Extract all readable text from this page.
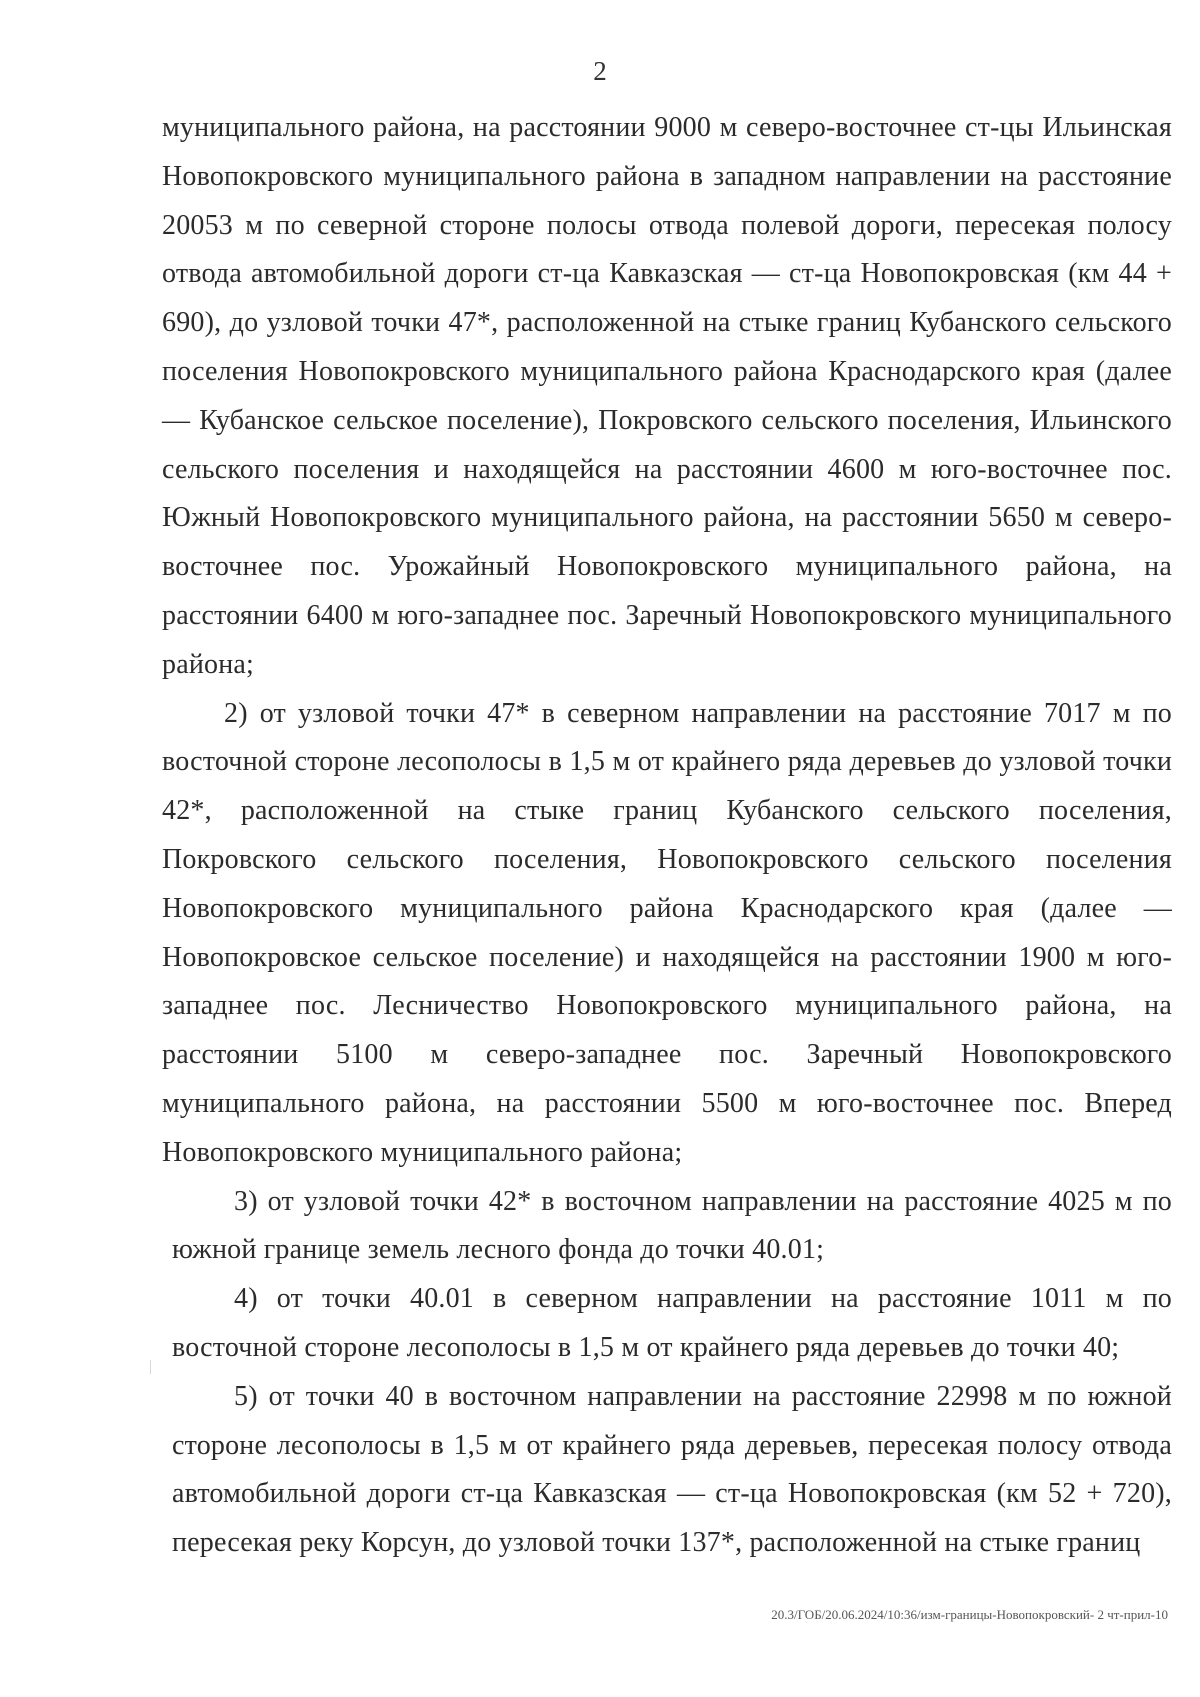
2

муниципального района, на расстоянии 9000 м северо-восточнее ст-цы Ильинская Новопокровского муниципального района в западном направлении на расстояние 20053 м по северной стороне полосы отвода полевой дороги, пересекая полосу отвода автомобильной дороги ст-ца Кавказская — ст-ца Новопокровская (км 44 + 690), до узловой точки 47*, расположенной на стыке границ Кубанского сельского поселения Новопокровского муниципального района Краснодарского края (далее — Кубанское сельское поселение), Покровского сельского поселения, Ильинского сельского поселения и находящейся на расстоянии 4600 м юго-восточнее пос. Южный Новопокровского муниципального района, на расстоянии 5650 м северо-восточнее пос. Урожайный Новопокровского муниципального района, на расстоянии 6400 м юго-западнее пос. Заречный Новопокровского муниципального района;

2) от узловой точки 47* в северном направлении на расстояние 7017 м по восточной стороне лесополосы в 1,5 м от крайнего ряда деревьев до узловой точки 42*, расположенной на стыке границ Кубанского сельского поселения, Покровского сельского поселения, Новопокровского сельского поселения Новопокровского муниципального района Краснодарского края (далее — Новопокровское сельское поселение) и находящейся на расстоянии 1900 м юго-западнее пос. Лесничество Новопокровского муниципального района, на расстоянии 5100 м северо-западнее пос. Заречный Новопокровского муниципального района, на расстоянии 5500 м юго-восточнее пос. Вперед Новопокровского муниципального района;

3) от узловой точки 42* в восточном направлении на расстояние 4025 м по южной границе земель лесного фонда до точки 40.01;

4) от точки 40.01 в северном направлении на расстояние 1011 м по восточной стороне лесополосы в 1,5 м от крайнего ряда деревьев до точки 40;

5) от точки 40 в восточном направлении на расстояние 22998 м по южной стороне лесополосы в 1,5 м от крайнего ряда деревьев, пересекая полосу отвода автомобильной дороги ст-ца Кавказская — ст-ца Новопокровская (км 52 + 720), пересекая реку Корсун, до узловой точки 137*, расположенной на стыке границ

20.3/ГОБ/20.06.2024/10:36/изм-границы-Новопокровский- 2 чт-прил-10
